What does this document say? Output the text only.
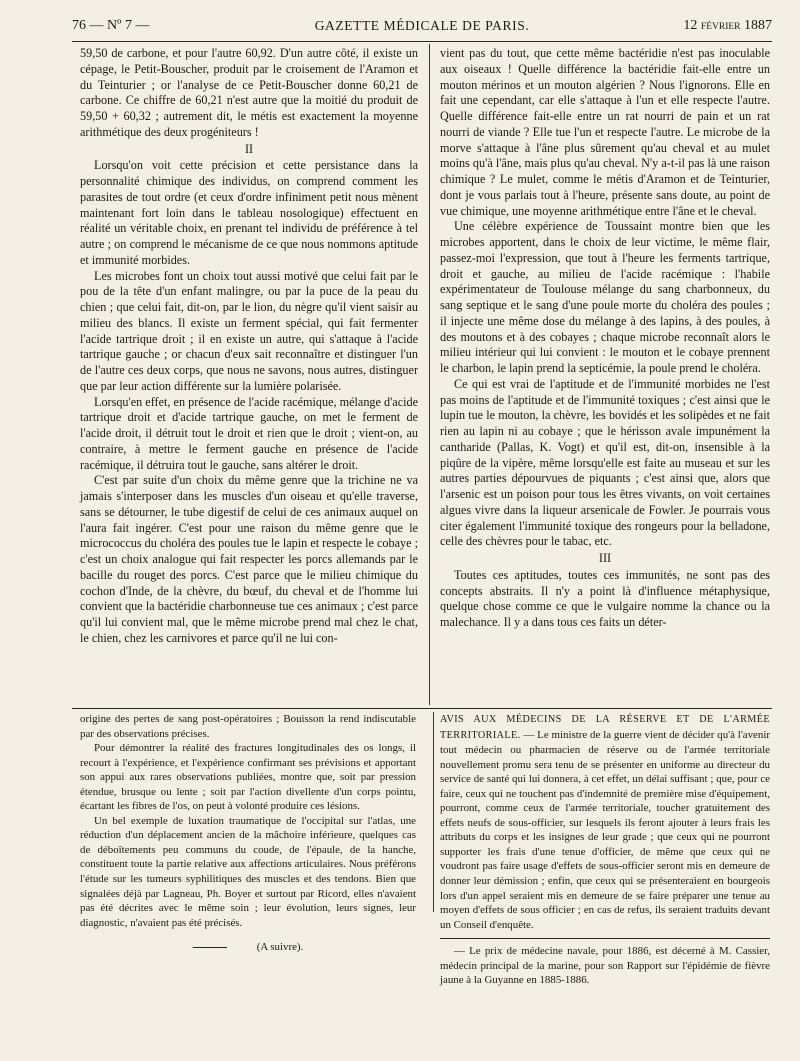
76 — Nº 7 —	GAZETTE MÉDICALE DE PARIS.	12 FÉVRIER 1887

59,50 de carbone, et pour l'autre 60,92. D'un autre côté, il existe un cépage, le Petit-Bouscher, produit par le croisement de l'Aramon et du Teinturier ; or l'analyse de ce Petit-Bouscher donne 60,21 de carbone. Ce chiffre de 60,21 n'est autre que la moitié du produit de 59,50 + 60,32 ; autrement dit, le métis est exactement la moyenne arithmétique des deux progéniteurs !

II

Lorsqu'on voit cette précision et cette persistance dans la personnalité chimique des individus, on comprend comment les parasites de tout ordre (et ceux d'ordre infiniment petit nous mènent maintenant fort loin dans le tableau nosologique) effectuent en réalité un véritable choix, en prenant tel individu de préférence à tel autre ; on comprend le mécanisme de ce que nous nommons aptitude et immunité morbides.

Les microbes font un choix tout aussi motivé que celui fait par le pou de la tête d'un enfant malingre, ou par la puce de la peau du chien ; que celui fait, dit-on, par le lion, du nègre qu'il vient saisir au milieu des blancs. Il existe un ferment spécial, qui fait fermenter l'acide tartrique droit ; il en existe un autre, qui s'attaque à l'acide tartrique gauche ; or chacun d'eux sait reconnaître et distinguer l'un de l'autre ces deux corps, que nous ne savons, nous autres, distinguer que par leur action différente sur la lumière polarisée.

Lorsqu'en effet, en présence de l'acide racémique, mélange d'acide tartrique droit et d'acide tartrique gauche, on met le ferment de l'acide droit, il détruit tout le droit et rien que le droit ; vient-on, au contraire, à mettre le ferment gauche en présence de l'acide racémique, il détruira tout le gauche, sans altérer le droit.

C'est par suite d'un choix du même genre que la trichine ne va jamais s'interposer dans les muscles d'un oiseau et qu'elle traverse, sans se détourner, le tube digestif de celui de ces animaux auquel on l'aura fait ingérer. C'est pour une raison du même genre que le micrococcus du choléra des poules tue le lapin et respecte le cobaye ; c'est un choix analogue qui fait respecter les porcs allemands par le bacille du rouget des porcs. C'est parce que le milieu chimique du cochon d'Inde, de la chèvre, du bœuf, du cheval et de l'homme lui convient que la bactéridie charbonneuse tue ces animaux ; c'est parce qu'il lui convient mal, que le même microbe prend mal chez le chat, le chien, chez les carnivores et parce qu'il ne lui con-

vient pas du tout, que cette même bactéridie n'est pas inoculable aux oiseaux ! Quelle différence la bactéridie fait-elle entre un mouton mérinos et un mouton algérien ? Nous l'ignorons. Elle en fait une cependant, car elle s'attaque à l'un et elle respecte l'autre. Quelle différence fait-elle entre un rat nourri de pain et un rat nourri de viande ? Elle tue l'un et respecte l'autre. Le microbe de la morve s'attaque à l'âne plus sûrement qu'au cheval et au mulet moins qu'à l'âne, mais plus qu'au cheval. N'y a-t-il pas là une raison chimique ? Le mulet, comme le métis d'Aramon et de Teinturier, dont je vous parlais tout à l'heure, présente sans doute, au point de vue chimique, une moyenne arithmétique entre l'âne et le cheval.

Une célèbre expérience de Toussaint montre bien que les microbes apportent, dans le choix de leur victime, le même flair, passez-moi l'expression, que tout à l'heure les ferments tartrique, droit et gauche, au milieu de l'acide racémique : l'habile expérimentateur de Toulouse mélange du sang charbonneux, du sang septique et le sang d'une poule morte du choléra des poules ; il injecte une même dose du mélange à des lapins, à des poules, à des moutons et à des cobayes ; chaque microbe reconnaît alors le milieu intérieur qui lui convient : le mouton et le cobaye prennent le charbon, le lapin prend la septicémie, la poule prend le choléra.

Ce qui est vrai de l'aptitude et de l'immunité morbides ne l'est pas moins de l'aptitude et de l'immunité toxiques ; c'est ainsi que le lupin tue le mouton, la chèvre, les bovidés et les solipèdes et ne fait rien au lapin ni au cobaye ; que le hérisson avale impunément la cantharide (Pallas, K. Vogt) et qu'il est, dit-on, insensible à la piqûre de la vipère, même lorsqu'elle est faite au museau et sur les autres parties dépourvues de piquants ; c'est ainsi que, alors que l'arsenic est un poison pour tous les êtres vivants, on voit certaines algues vivre dans la liqueur arsenicale de Fowler. Je pourrais vous citer également l'immunité toxique des rongeurs pour la belladone, celle des chèvres pour le tabac, etc.

III

Toutes ces aptitudes, toutes ces immunités, ne sont pas des concepts abstraits. Il n'y a point là d'influence métaphysique, quelque chose comme ce que le vulgaire nomme la chance ou la malechance. Il y a dans tous ces faits un déter-

origine des pertes de sang post-opératoires ; Bouisson la rend indiscutable par des observations précises.

Pour démontrer la réalité des fractures longitudinales des os longs, il recourt à l'expérience, et l'expérience confirmant ses prévisions et apportant son appui aux rares observations publiées, montre que, soit par pression étendue, brusque ou lente ; soit par l'action divellente d'un corps pointu, écartant les fibres de l'os, on peut à volonté produire ces lésions.

Un bel exemple de luxation traumatique de l'occipital sur l'atlas, une réduction d'un déplacement ancien de la mâchoire inférieure, quelques cas de déboîtements peu communs du coude, de l'épaule, de la hanche, constituent toute la partie relative aux affections articulaires. Nous préférons l'étude sur les tumeurs syphilitiques des muscles et des tendons. Bien que signalées déjà par Lagneau, Ph. Boyer et surtout par Ricord, elles n'avaient pas été décrites avec le même soin ; leur évolution, leurs signes, leur diagnostic, n'avaient pas été précisés.

(A suivre).

AVIS AUX MÉDECINS DE LA RÉSERVE ET DE L'ARMÉE TERRITORIALE. — Le ministre de la guerre vient de décider qu'à l'avenir tout médecin ou pharmacien de réserve ou de l'armée territoriale nouvellement promu sera tenu de se présenter en uniforme au directeur du service de santé qui lui donnera, à cet effet, un délai suffisant ; que, pour ce faire, ceux qui ne touchent pas d'indemnité de première mise d'équipement, pourront, comme ceux de l'armée territoriale, toucher gratuitement des effets neufs de sous-officier, sur lesquels ils feront ajouter à leurs frais les attributs du corps et les insignes de leur grade ; que ceux qui ne pourront supporter les frais d'une tenue d'officier, de même que ceux qui ne voudront pas faire usage d'effets de sous-officier seront mis en demeure de donner leur démission ; enfin, que ceux qui se présenteraient en bourgeois lors d'un appel seraient mis en demeure de se faire préparer une tenue au moyen d'effets de sous officier ; en cas de refus, ils seraient traduits devant un Conseil d'enquête.

— Le prix de médecine navale, pour 1886, est décerné à M. Cassier, médecin principal de la marine, pour son Rapport sur l'épidémie de fièvre jaune à la Guyanne en 1885-1886.
